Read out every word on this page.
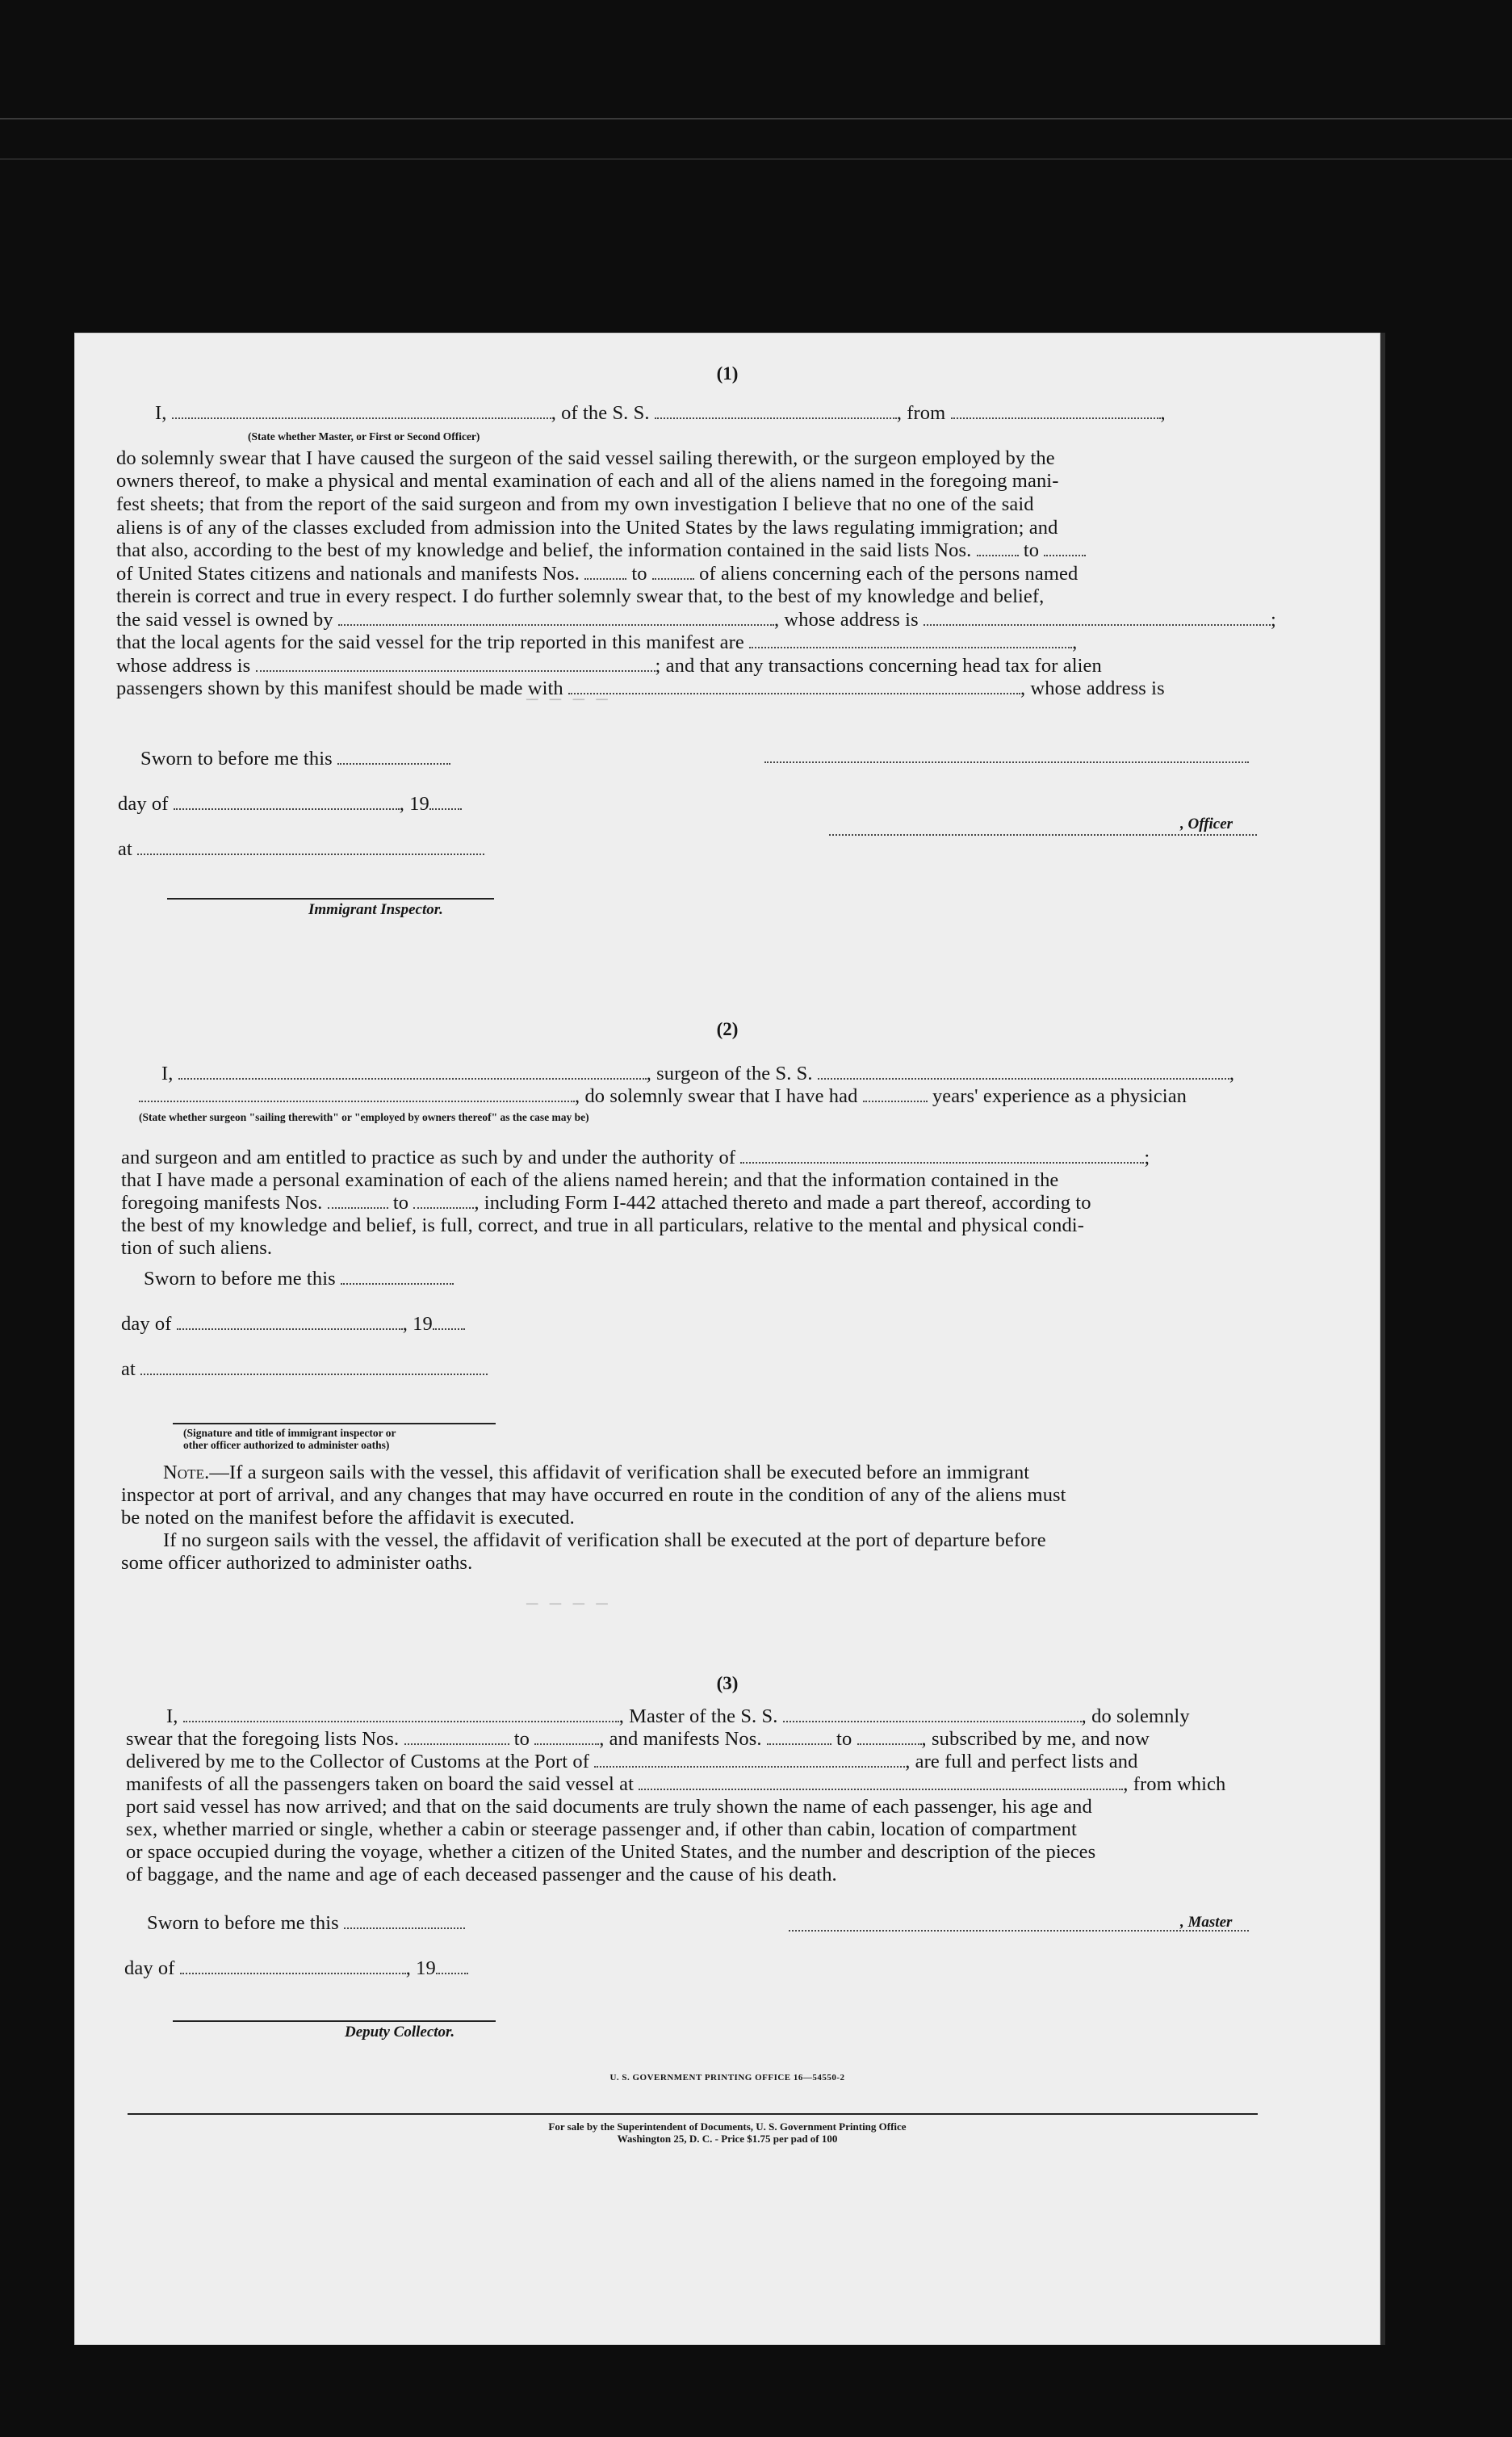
— — — —
— — — —
(1)
I,	, of the S. S.	, from	,
(State whether Master, or First or Second Officer)
do solemnly swear that I have caused the surgeon of the said vessel sailing therewith, or the surgeon employed by the
owners thereof, to make a physical and mental examination of each and all of the aliens named in the foregoing mani-
fest sheets; that from the report of the said surgeon and from my own investigation I believe that no one of the said
aliens is of any of the classes excluded from admission into the United States by the laws regulating immigration; and
that also, according to the best of my knowledge and belief, the information contained in the said lists Nos.  to
of United States citizens and nationals and manifests Nos.  to  of aliens concerning each of the persons named
therein is correct and true in every respect. I do further solemnly swear that, to the best of my knowledge and belief,
the said vessel is owned by	, whose address is	;
that the local agents for the said vessel for the trip reported in this manifest are	,
whose address is	; and that any transactions concerning head tax for alien
passengers shown by this manifest should be made with	, whose address is
Sworn to before me this
day of	, 19
, Officer
at
Immigrant Inspector.
(2)
I,	, surgeon of the S. S.	,
, do solemnly swear that I have had	years' experience as a physician
(State whether surgeon "sailing therewith" or "employed by owners thereof" as the case may be)
and surgeon and am entitled to practice as such by and under the authority of	;
that I have made a personal examination of each of the aliens named herein; and that the information contained in the
foregoing manifests Nos.	to	, including Form I-442 attached thereto and made a part thereof, according to
the best of my knowledge and belief, is full, correct, and true in all particulars, relative to the mental and physical condi-
tion of such aliens.
Sworn to before me this
day of	, 19
at
(Signature and title of immigrant inspector or
other officer authorized to administer oaths)
Note.—If a surgeon sails with the vessel, this affidavit of verification shall be executed before an immigrant
inspector at port of arrival, and any changes that may have occurred en route in the condition of any of the aliens must
be noted on the manifest before the affidavit is executed.
If no surgeon sails with the vessel, the affidavit of verification shall be executed at the port of departure before
some officer authorized to administer oaths.
(3)
I,	, Master of the S. S.	, do solemnly
swear that the foregoing lists Nos.	to	, and manifests Nos.	to	, subscribed by me, and now
delivered by me to the Collector of Customs at the Port of	, are full and perfect lists and
manifests of all the passengers taken on board the said vessel at	, from which
port said vessel has now arrived; and that on the said documents are truly shown the name of each passenger, his age and
sex, whether married or single, whether a cabin or steerage passenger and, if other than cabin, location of compartment
or space occupied during the voyage, whether a citizen of the United States, and the number and description of the pieces
of baggage, and the name and age of each deceased passenger and the cause of his death.
Sworn to before me this	, Master
day of	, 19
Deputy Collector.
U. S. GOVERNMENT PRINTING OFFICE 16—54550-2
For sale by the Superintendent of Documents, U. S. Government Printing Office
Washington 25, D. C. - Price $1.75 per pad of 100
